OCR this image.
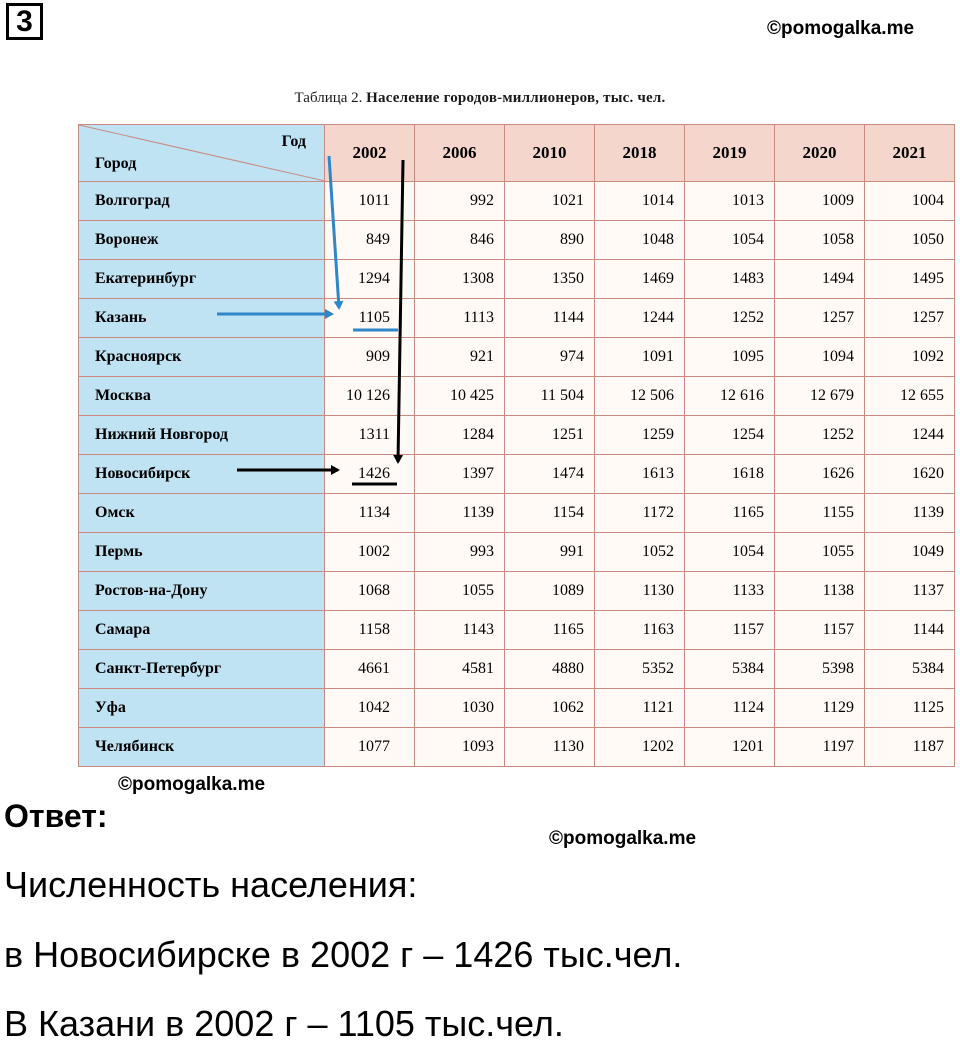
3	©pomogalka.me
Таблица 2. Население городов-миллионеров, тыс. чел.
Год
Город	2002	2006	2010	2018	2019	2020	2021
Волгоград	1011	992	1021	1014	1013	1009	1004
Воронеж	849	846	890	1048	1054	1058	1050
Екатеринбург	1294	1308	1350	1469	1483	1494	1495
Казань	1105	1113	1144	1244	1252	1257	1257
Красноярск	909	921	974	1091	1095	1094	1092
Москва	10 126	10 425	11 504	12 506	12 616	12 679	12 655
Нижний Новгород	1311	1284	1251	1259	1254	1252	1244
Новосибирск	1426	1397	1474	1613	1618	1626	1620
Омск	1134	1139	1154	1172	1165	1155	1139
Пермь	1002	993	991	1052	1054	1055	1049
Ростов-на-Дону	1068	1055	1089	1130	1133	1138	1137
Самара	1158	1143	1165	1163	1157	1157	1144
Санкт-Петербург	4661	4581	4880	5352	5384	5398	5384
Уфа	1042	1030	1062	1121	1124	1129	1125
Челябинск	1077	1093	1130	1202	1201	1197	1187
©pomogalka.me
Ответ:
©pomogalka.me
Численность населения:
в Новосибирске в 2002 г – 1426 тыс.чел.
В Казани в 2002 г – 1105 тыс.чел.
